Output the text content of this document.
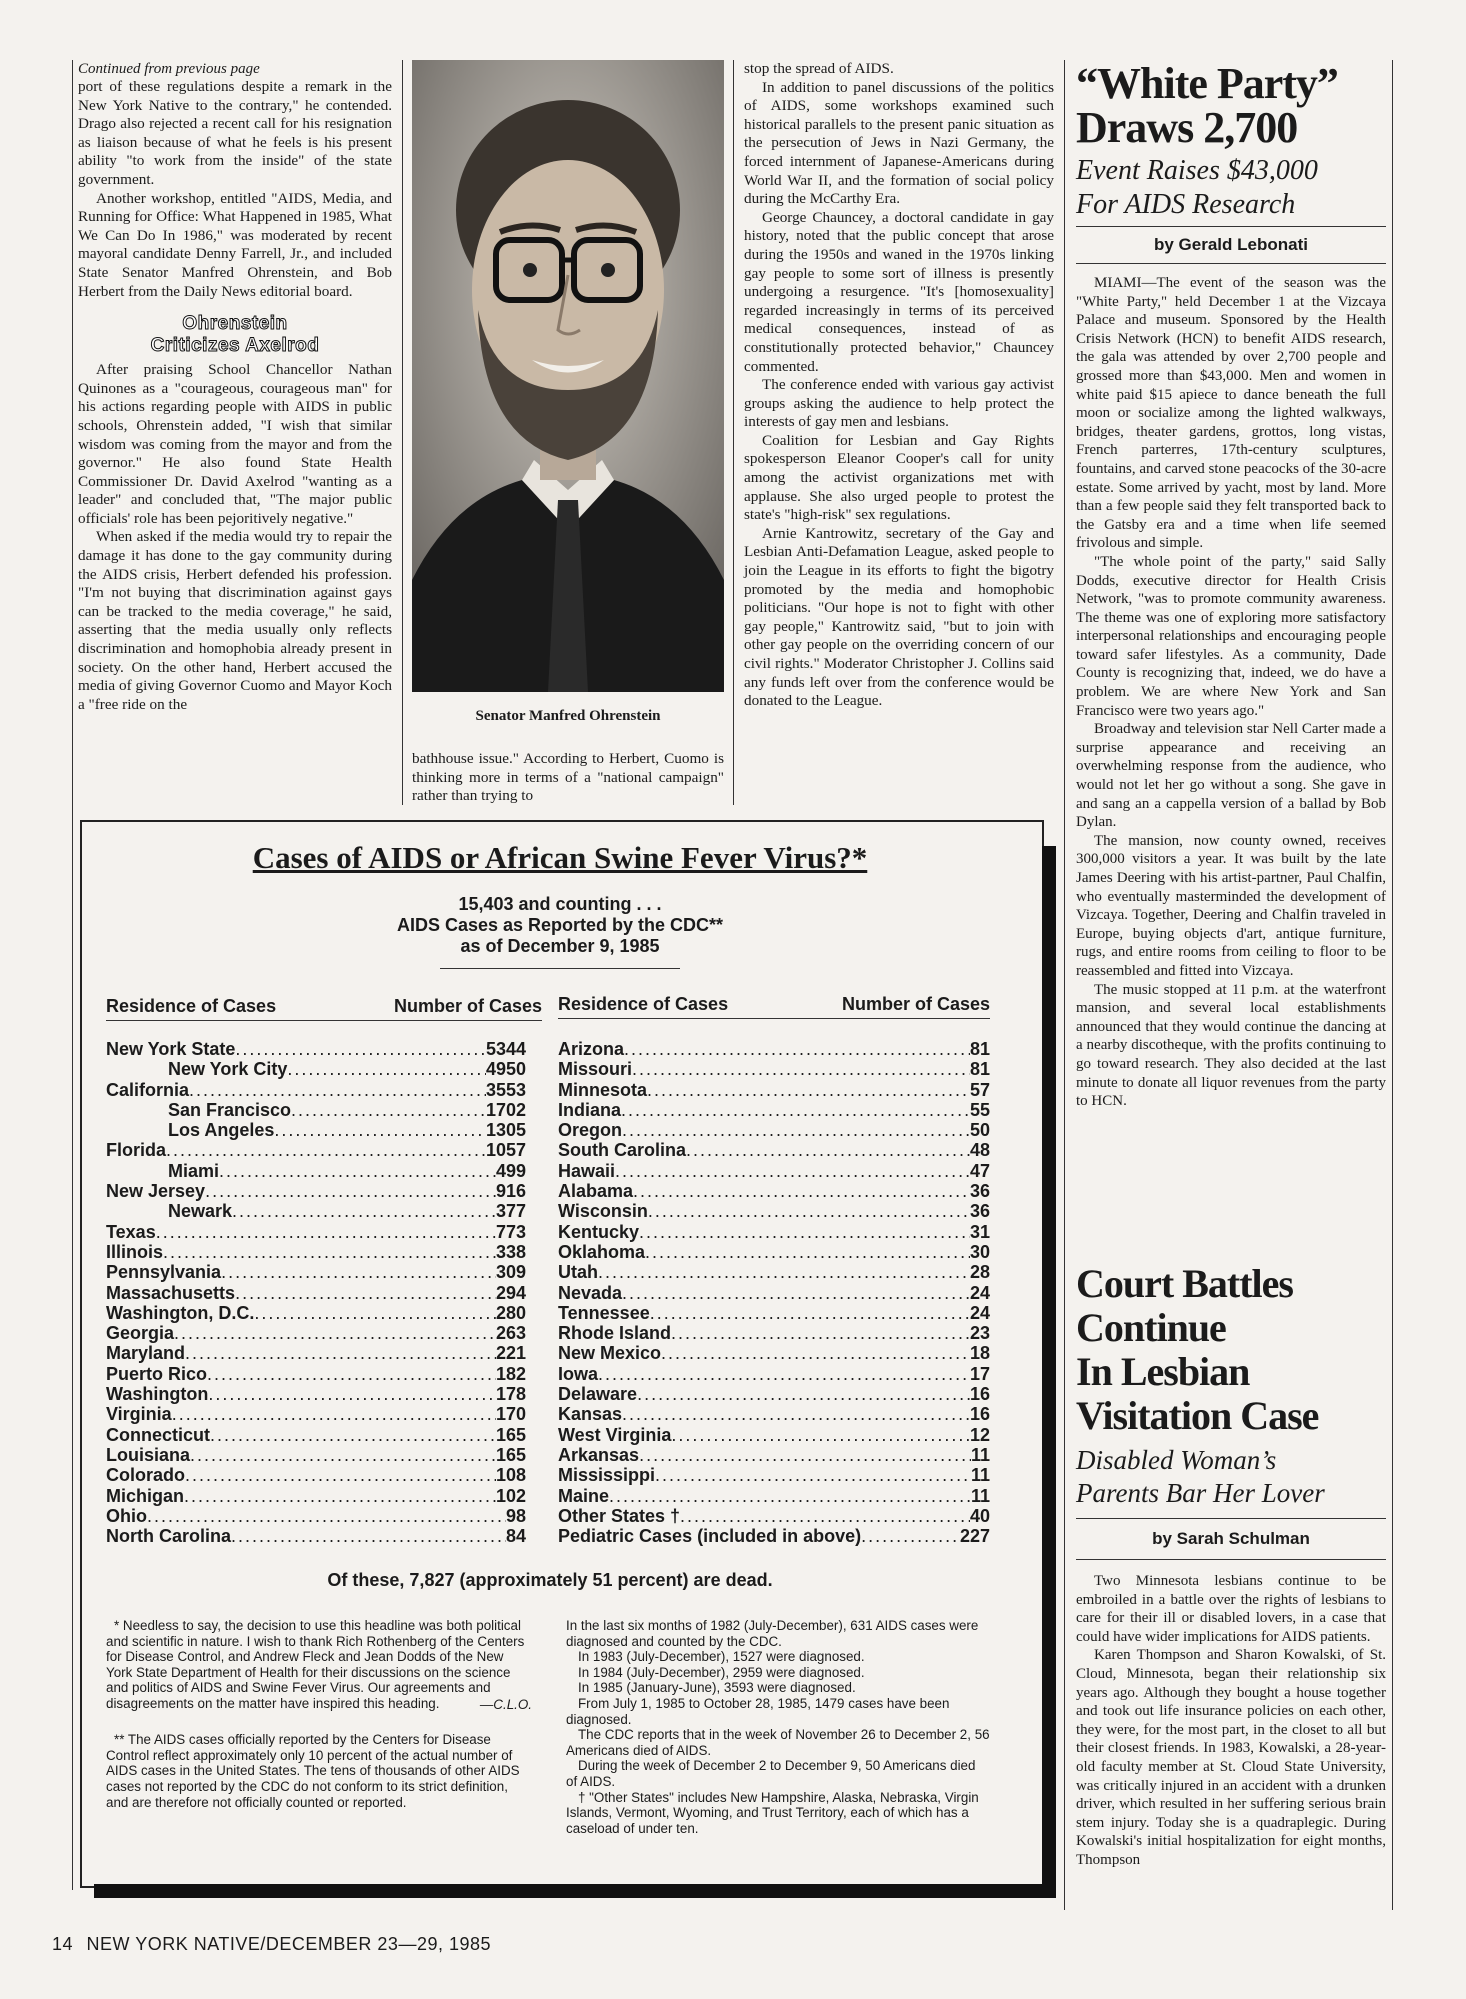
Continued from previous page

port of these regulations despite a remark in the New York Native to the contrary," he contended. Drago also rejected a recent call for his resignation as liaison because of what he feels is his present ability "to work from the inside" of the state government.

Another workshop, entitled "AIDS, Media, and Running for Office: What Happened in 1985, What We Can Do In 1986," was moderated by recent mayoral candidate Denny Farrell, Jr., and included State Senator Manfred Ohrenstein, and Bob Herbert from the Daily News editorial board.

Ohrenstein
Criticizes Axelrod

After praising School Chancellor Nathan Quinones as a "courageous, courageous man" for his actions regarding people with AIDS in public schools, Ohrenstein added, "I wish that similar wisdom was coming from the mayor and from the governor." He also found State Health Commissioner Dr. David Axelrod "wanting as a leader" and concluded that, "The major public officials' role has been pejoritively negative."

When asked if the media would try to repair the damage it has done to the gay community during the AIDS crisis, Herbert defended his profession. "I'm not buying that discrimination against gays can be tracked to the media coverage," he said, asserting that the media usually only reflects discrimination and homophobia already present in society. On the other hand, Herbert accused the media of giving Governor Cuomo and Mayor Koch a "free ride on the

Senator Manfred Ohrenstein

bathhouse issue." According to Herbert, Cuomo is thinking more in terms of a "national campaign" rather than trying to

stop the spread of AIDS.

In addition to panel discussions of the politics of AIDS, some workshops examined such historical parallels to the present panic situation as the persecution of Jews in Nazi Germany, the forced internment of Japanese-Americans during World War II, and the formation of social policy during the McCarthy Era.

George Chauncey, a doctoral candidate in gay history, noted that the public concept that arose during the 1950s and waned in the 1970s linking gay people to some sort of illness is presently undergoing a resurgence. "It's [homosexuality] regarded increasingly in terms of its perceived medical consequences, instead of as constitutionally protected behavior," Chauncey commented.

The conference ended with various gay activist groups asking the audience to help protect the interests of gay men and lesbians.

Coalition for Lesbian and Gay Rights spokesperson Eleanor Cooper's call for unity among the activist organizations met with applause. She also urged people to protest the state's "high-risk" sex regulations.

Arnie Kantrowitz, secretary of the Gay and Lesbian Anti-Defamation League, asked people to join the League in its efforts to fight the bigotry promoted by the media and homophobic politicians. "Our hope is not to fight with other gay people," Kantrowitz said, "but to join with other gay people on the overriding concern of our civil rights." Moderator Christopher J. Collins said any funds left over from the conference would be donated to the League.

“White Party”
Draws 2,700
Event Raises $43,000
For AIDS Research
by Gerald Lebonati

MIAMI—The event of the season was the "White Party," held December 1 at the Vizcaya Palace and museum. Sponsored by the Health Crisis Network (HCN) to benefit AIDS research, the gala was attended by over 2,700 people and grossed more than $43,000. Men and women in white paid $15 apiece to dance beneath the full moon or socialize among the lighted walkways, bridges, theater gardens, grottos, long vistas, French parterres, 17th-century sculptures, fountains, and carved stone peacocks of the 30-acre estate. Some arrived by yacht, most by land. More than a few people said they felt transported back to the Gatsby era and a time when life seemed frivolous and simple.

"The whole point of the party," said Sally Dodds, executive director for Health Crisis Network, "was to promote community awareness. The theme was one of exploring more satisfactory interpersonal relationships and encouraging people toward safer lifestyles. As a community, Dade County is recognizing that, indeed, we do have a problem. We are where New York and San Francisco were two years ago."

Broadway and television star Nell Carter made a surprise appearance and receiving an overwhelming response from the audience, who would not let her go without a song. She gave in and sang an a cappella version of a ballad by Bob Dylan.

The mansion, now county owned, receives 300,000 visitors a year. It was built by the late James Deering with his artist-partner, Paul Chalfin, who eventually masterminded the development of Vizcaya. Together, Deering and Chalfin traveled in Europe, buying objects d'art, antique furniture, rugs, and entire rooms from ceiling to floor to be reassembled and fitted into Vizcaya.

The music stopped at 11 p.m. at the waterfront mansion, and several local establishments announced that they would continue the dancing at a nearby discotheque, with the profits continuing to go toward research. They also decided at the last minute to donate all liquor revenues from the party to HCN.

Court Battles
Continue
In Lesbian
Visitation Case
Disabled Woman’s
Parents Bar Her Lover
by Sarah Schulman

Two Minnesota lesbians continue to be embroiled in a battle over the rights of lesbians to care for their ill or disabled lovers, in a case that could have wider implications for AIDS patients.

Karen Thompson and Sharon Kowalski, of St. Cloud, Minnesota, began their relationship six years ago. Although they bought a house together and took out life insurance policies on each other, they were, for the most part, in the closet to all but their closest friends. In 1983, Kowalski, a 28-year-old faculty member at St. Cloud State University, was critically injured in an accident with a drunken driver, which resulted in her suffering serious brain stem injury. Today she is a quadraplegic. During Kowalski's initial hospitalization for eight months, Thompson

Cases of AIDS or African Swine Fever Virus?*
15,403 and counting . . .
AIDS Cases as Reported by the CDC**
as of December 9, 1985
Residence of Cases	Number of Cases Residence of Cases	Number of Cases
New York State .....	5344
New York City .....	4950
California .....	3553
San Francisco .....	1702
Los Angeles .....	1305
Florida .....	1057
Miami .....	499
New Jersey .....	916
Newark .....	377
Texas .....	773
Illinois .....	338
Pennsylvania .....	309
Massachusetts .....	294
Washington, D.C. .....	280
Georgia .....	263
Maryland .....	221
Puerto Rico .....	182
Washington .....	178
Virginia .....	170
Connecticut .....	165
Louisiana .....	165
Colorado .....	108
Michigan .....	102
Ohio .....	98
North Carolina .....	84
Arizona .....	81
Missouri .....	81
Minnesota .....	57
Indiana .....	55
Oregon .....	50
South Carolina .....	48
Hawaii .....	47
Alabama .....	36
Wisconsin .....	36
Kentucky .....	31
Oklahoma .....	30
Utah .....	28
Nevada .....	24
Tennessee .....	24
Rhode Island .....	23
New Mexico .....	18
Iowa .....	17
Delaware .....	16
Kansas .....	16
West Virginia .....	12
Arkansas .....	11
Mississippi .....	11
Maine .....	11
Other States † .....	40
Pediatric Cases (included in above) .....	227
Of these, 7,827 (approximately 51 percent) are dead.

* Needless to say, the decision to use this headline was both political and scientific in nature. I wish to thank Rich Rothenberg of the Centers for Disease Control, and Andrew Fleck and Jean Dodds of the New York State Department of Health for their discussions on the science and politics of AIDS and Swine Fever Virus. Our agreements and disagreements on the matter have inspired this heading.	—C.L.O.

** The AIDS cases officially reported by the Centers for Disease Control reflect approximately only 10 percent of the actual number of AIDS cases in the United States. The tens of thousands of other AIDS cases not reported by the CDC do not conform to its strict definition, and are therefore not officially counted or reported.

In the last six months of 1982 (July-December), 631 AIDS cases were diagnosed and counted by the CDC.

In 1983 (July-December), 1527 were diagnosed.

In 1984 (July-December), 2959 were diagnosed.

In 1985 (January-June), 3593 were diagnosed.

From July 1, 1985 to October 28, 1985, 1479 cases have been diagnosed.

The CDC reports that in the week of November 26 to December 2, 56 Americans died of AIDS.

During the week of December 2 to December 9, 50 Americans died of AIDS.

† "Other States" includes New Hampshire, Alaska, Nebraska, Virgin Islands, Vermont, Wyoming, and Trust Territory, each of which has a caseload of under ten.

14 NEW YORK NATIVE/DECEMBER 23—29, 1985
